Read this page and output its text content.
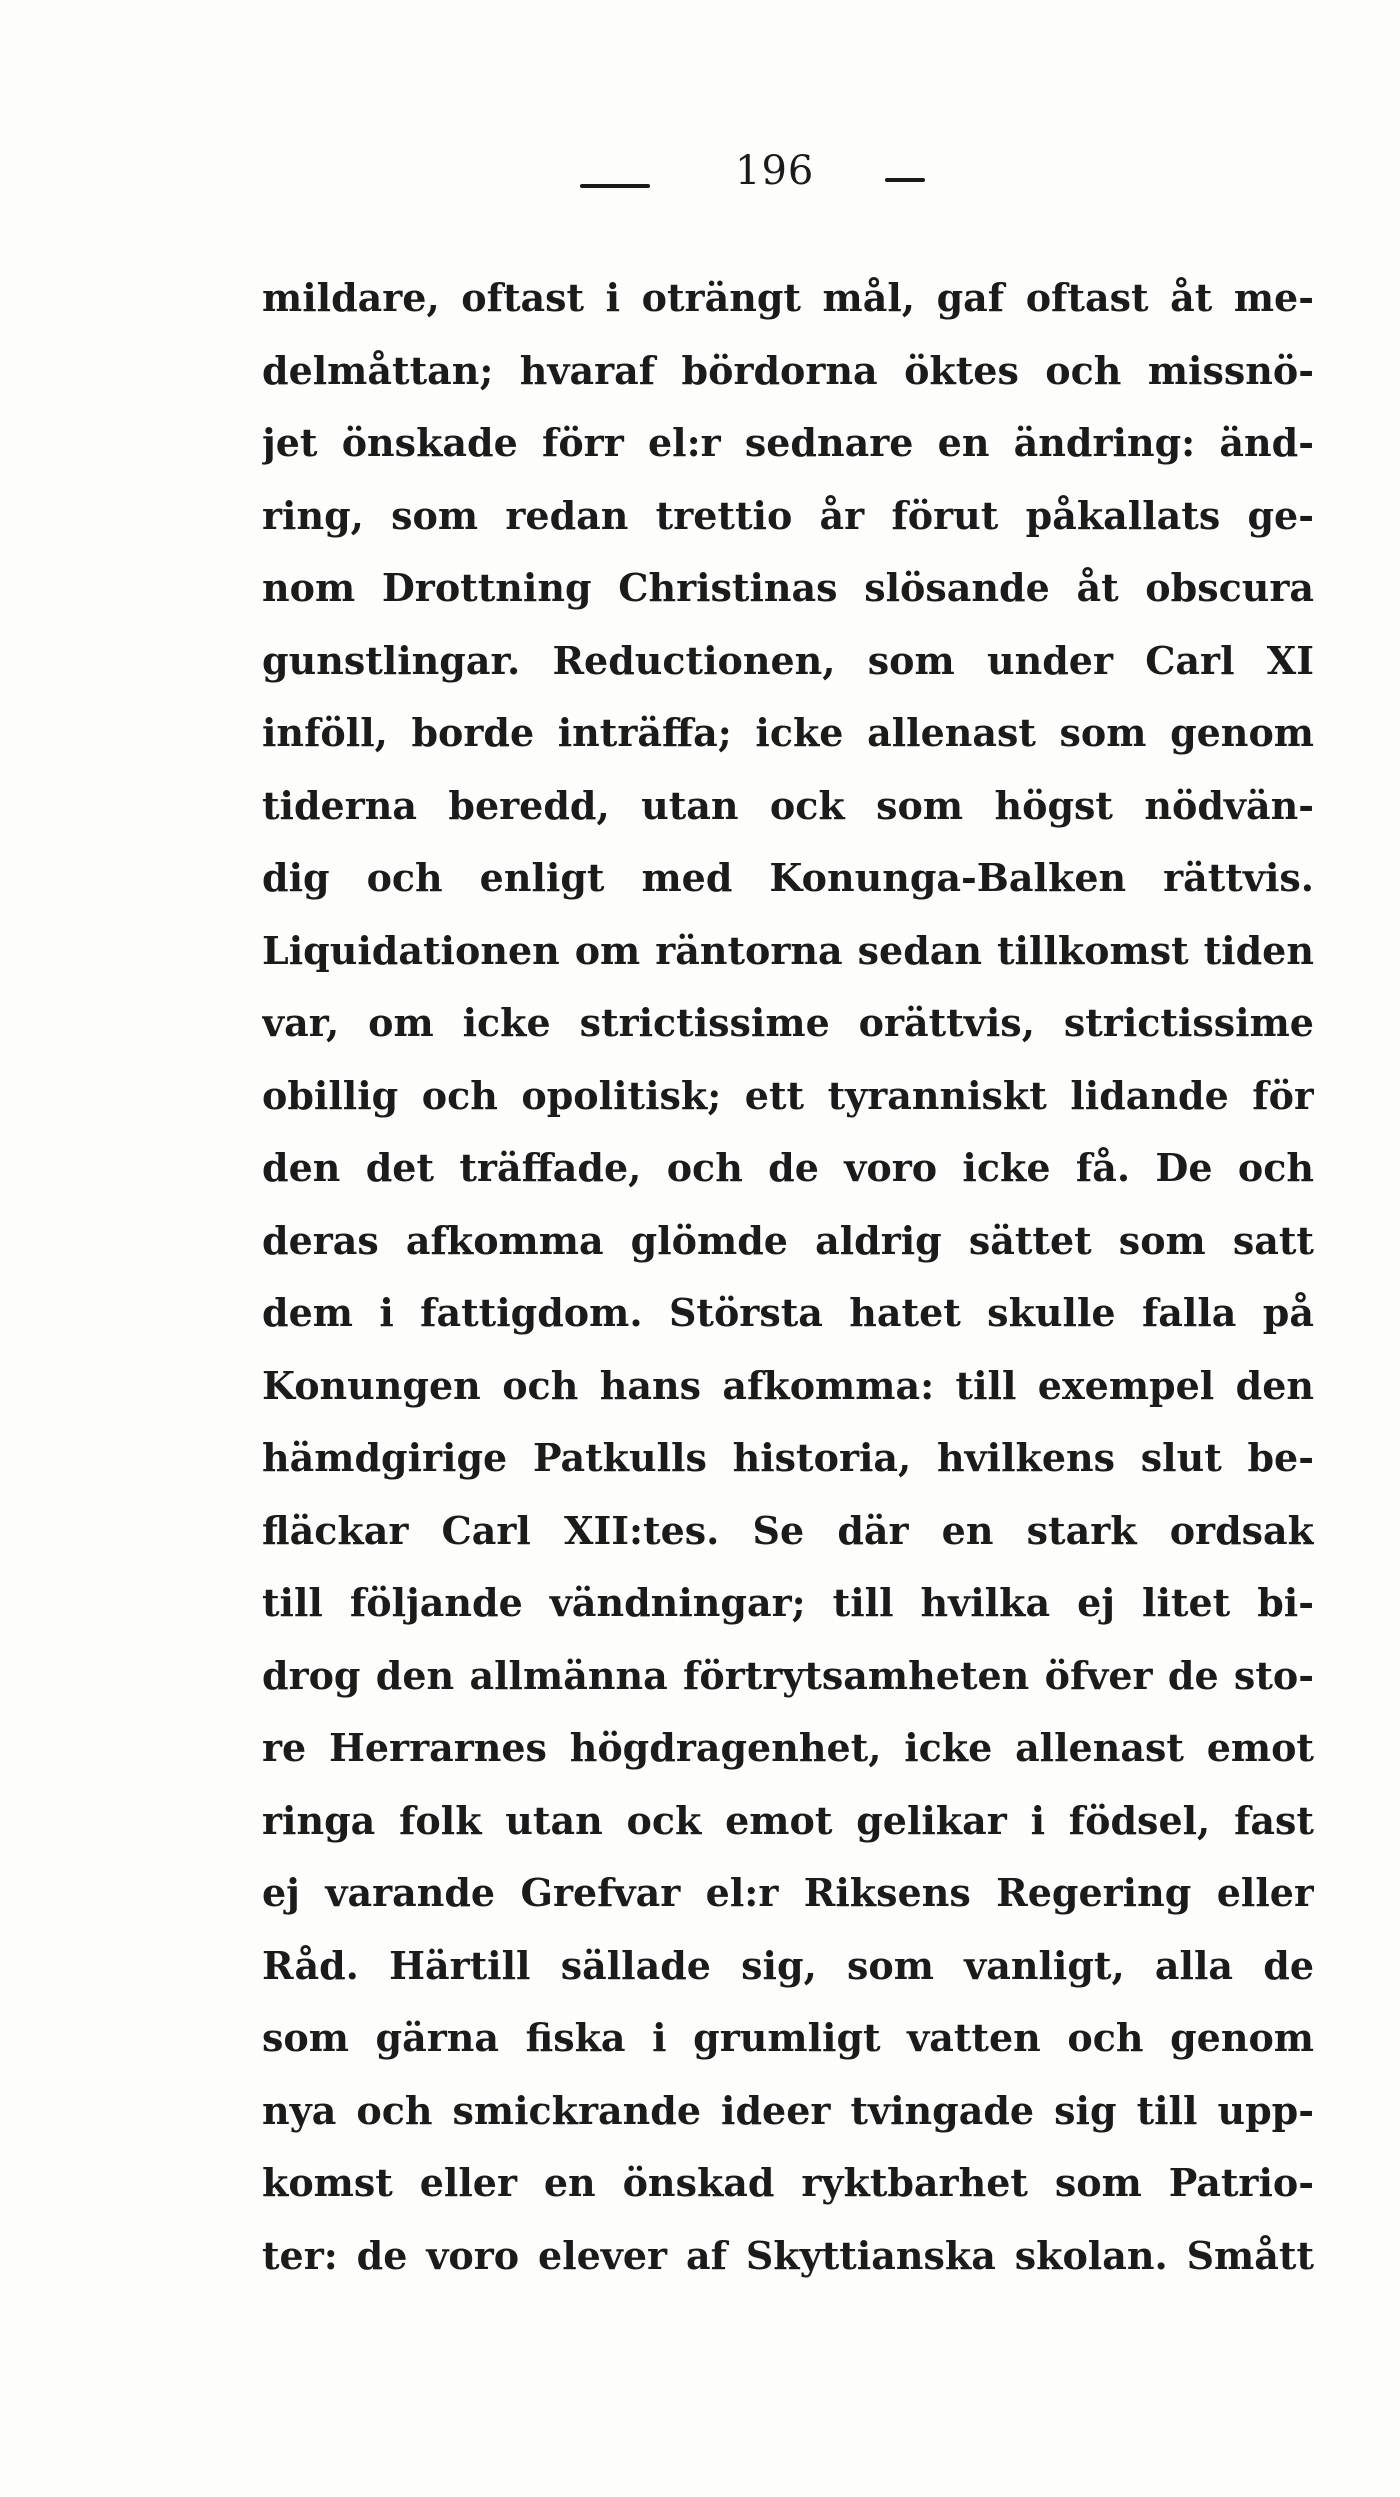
196
mildare, oftast i oträngt mål, gaf oftast åt me-
delmåttan; hvaraf bördorna öktes och missnö-
jet önskade förr el:r sednare en ändring: änd-
ring, som redan trettio år förut påkallats ge-
nom Drottning Christinas slösande åt obscura
gunstlingar. Reductionen, som under Carl XI
inföll, borde inträffa; icke allenast som genom
tiderna beredd, utan ock som högst nödvän-
dig och enligt med Konunga-Balken rättvis.
Liquidationen om räntorna sedan tillkomst tiden
var, om icke strictissime orättvis, strictissime
obillig och opolitisk; ett tyranniskt lidande för
den det träffade, och de voro icke få. De och
deras afkomma glömde aldrig sättet som satt
dem i fattigdom. Största hatet skulle falla på
Konungen och hans afkomma: till exempel den
hämdgirige Patkulls historia, hvilkens slut be-
fläckar Carl XII:tes. Se där en stark ordsak
till följande vändningar; till hvilka ej litet bi-
drog den allmänna förtrytsamheten öfver de sto-
re Herrarnes högdragenhet, icke allenast emot
ringa folk utan ock emot gelikar i födsel, fast
ej varande Grefvar el:r Riksens Regering eller
Råd. Härtill sällade sig, som vanligt, alla de
som gärna fiska i grumligt vatten och genom
nya och smickrande ideer tvingade sig till upp-
komst eller en önskad ryktbarhet som Patrio-
ter: de voro elever af Skyttianska skolan. Smått
